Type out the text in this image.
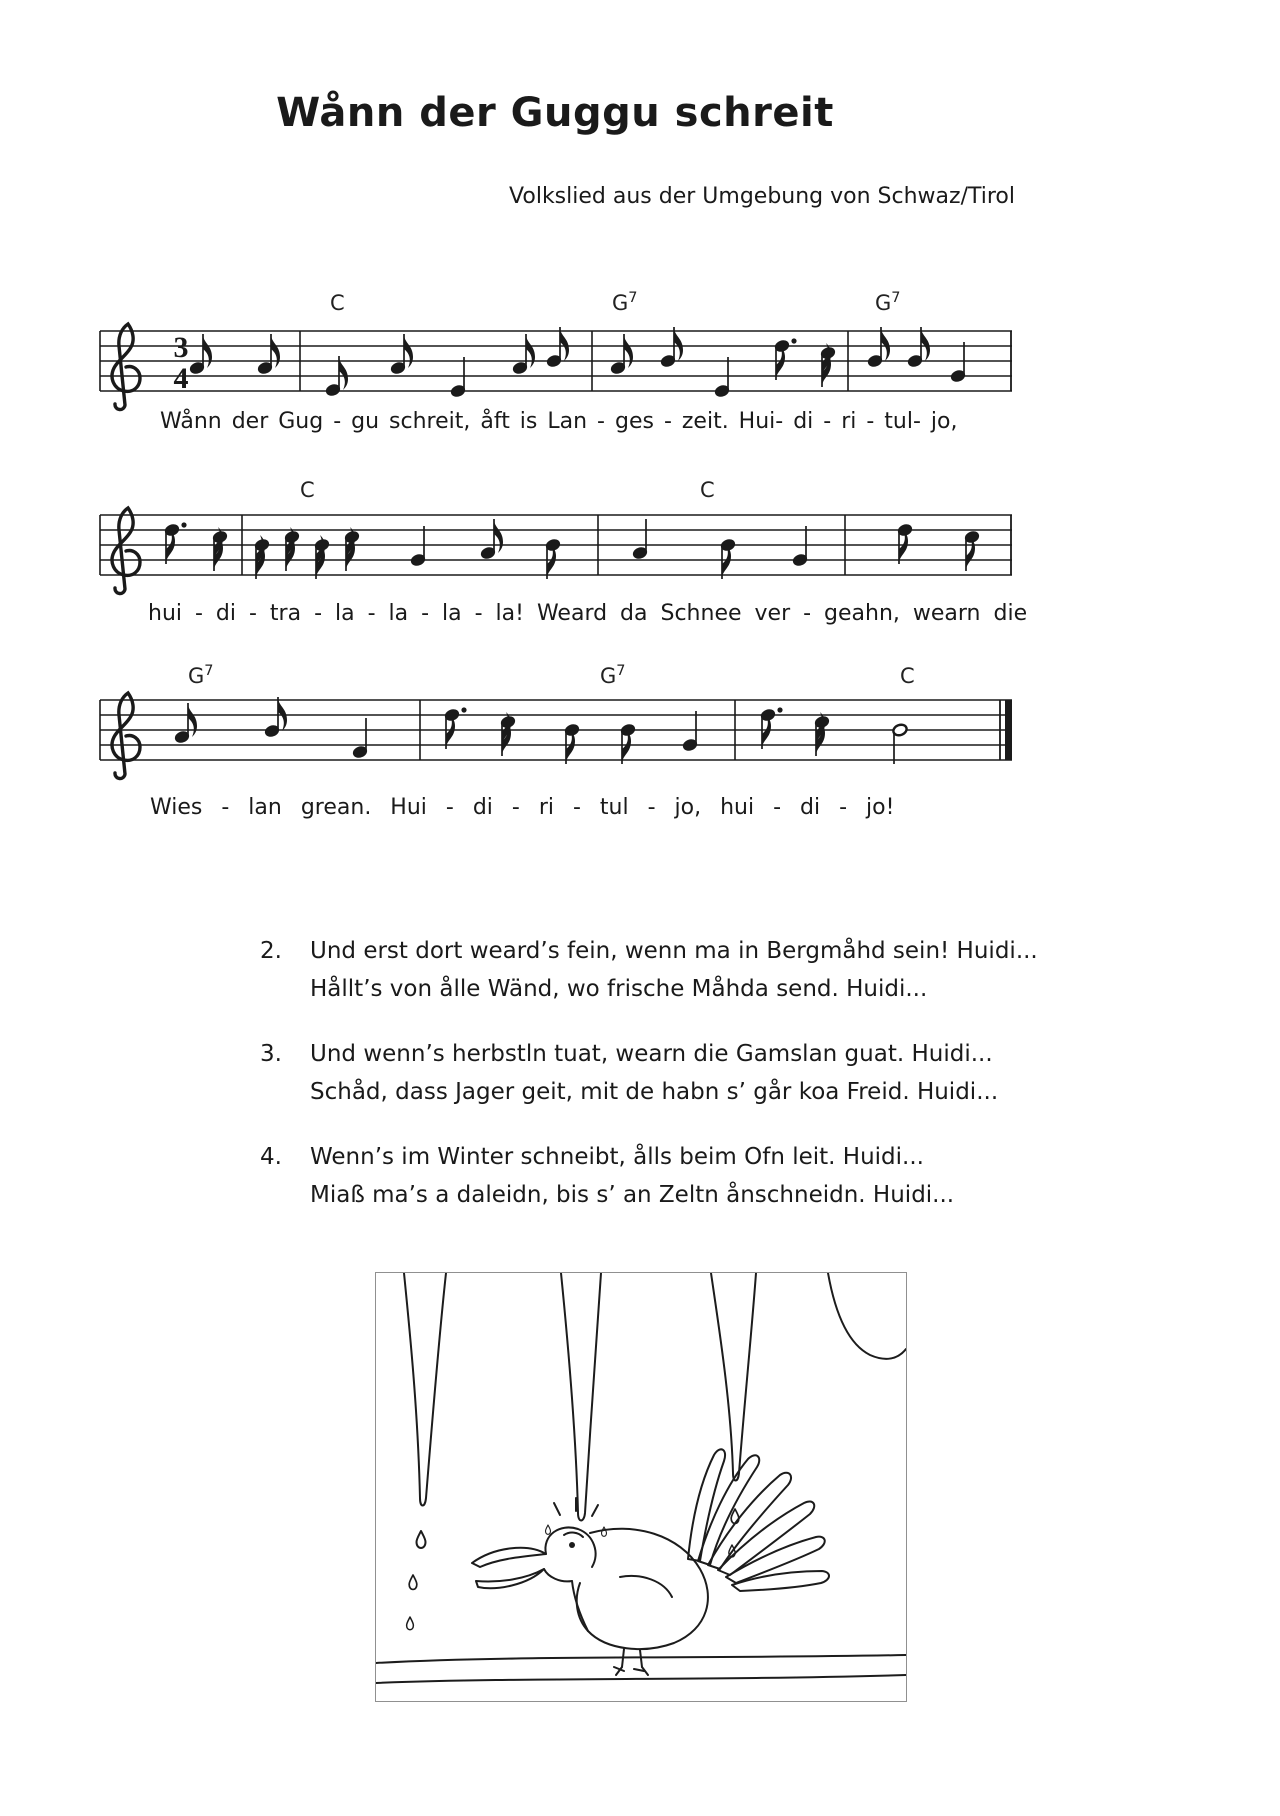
Wånn der Guggu schreit
Volkslied aus der Umgebung von Schwaz/Tirol
3
4
C	$G^7$	$G^7$
Wånn der Gug - gu schreit, åft is Lan - ges - zeit. Hui- di - ri - tul- jo,
C	C
hui - di - tra - la - la - la - la! Weard da Schnee ver - geahn, wearn die
$G^7$	$G^7$	C
Wies - lan grean. Hui - di - ri - tul - jo, hui - di - jo!
2.	Und erst dort weard’s fein, wenn ma in Bergmåhd sein! Huidi...
Hållt’s von ålle Wänd, wo frische Måhda send. Huidi...
3.	Und wenn’s herbstln tuat, wearn die Gamslan guat. Huidi...
Schåd, dass Jager geit, mit de habn s’ går koa Freid. Huidi...
4.	Wenn’s im Winter schneibt, ålls beim Ofn leit. Huidi...
Miaß ma’s a daleidn, bis s’ an Zeltn ånschneidn. Huidi...
